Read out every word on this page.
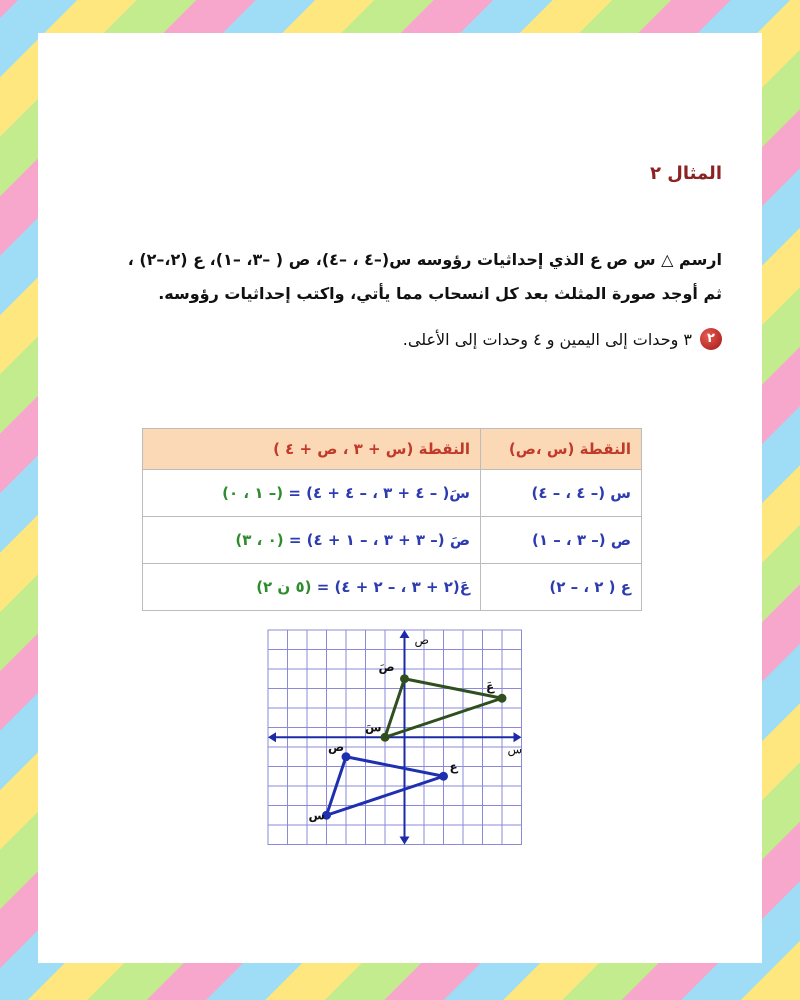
المثال ٢

ارسم △ س ص ع الذي إحداثيات رؤوسه س(–٤ ، –٤)، ص ( –٣، –١)، ع (٢،–٢) ،

ثم أوجد صورة المثلث بعد كل انسحاب مما يأتي، واكتب إحداثيات رؤوسه.

٢
٣ وحدات إلى اليمين و ٤ وحدات إلى الأعلى.
النقطة (س ،ص)	النقطة (س + ٣ ، ص + ٤ )
س (– ٤ ، – ٤)	سَ( – ٤ + ٣ ، – ٤ + ٤) = (– ١ ، ٠)
ص (– ٣ ، – ١)	صَ (– ٣ + ٣ ، – ١ + ٤) = (٠ ، ٣)
ع ( ٢ ، – ٢)	عَ(٢ + ٣ ، – ٢ + ٤) = (٥ ن ٢)
ص
س
س
ص
ع
سَ
صَ
عَ
